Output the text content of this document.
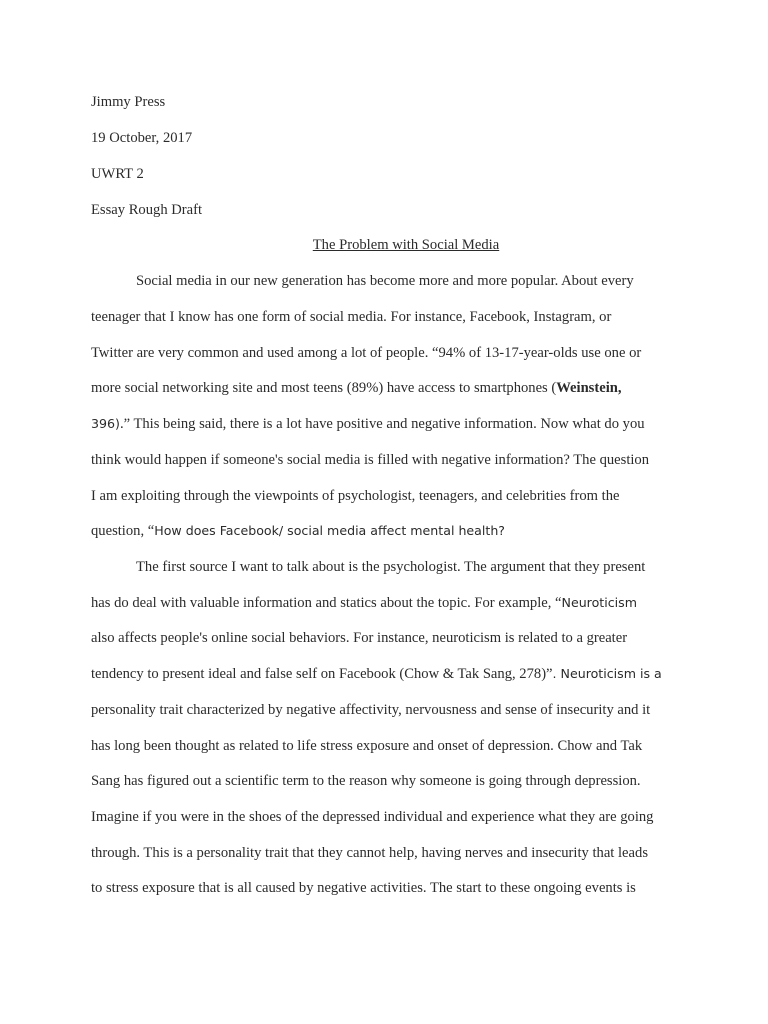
Jimmy Press
19 October, 2017
UWRT 2
Essay Rough Draft
The Problem with Social Media
Social media in our new generation has become more and more popular. About every
teenager that I know has one form of social media. For instance, Facebook, Instagram, or
Twitter are very common and used among a lot of people. “94% of 13-17-year-olds use one or
more social networking site and most teens (89%) have access to smartphones (Weinstein,
396).” This being said, there is a lot have positive and negative information. Now what do you
think would happen if someone's social media is filled with negative information? The question
I am exploiting through the viewpoints of psychologist, teenagers, and celebrities from the
question, “How does Facebook/ social media affect mental health?
The first source I want to talk about is the psychologist. The argument that they present
has do deal with valuable information and statics about the topic. For example, “Neuroticism
also affects people's online social behaviors. For instance, neuroticism is related to a greater
tendency to present ideal and false self on Facebook (Chow & Tak Sang, 278)”. Neuroticism is a
personality trait characterized by negative affectivity, nervousness and sense of insecurity and it
has long been thought as related to life stress exposure and onset of depression. Chow and Tak
Sang has figured out a scientific term to the reason why someone is going through depression.
Imagine if you were in the shoes of the depressed individual and experience what they are going
through. This is a personality trait that they cannot help, having nerves and insecurity that leads
to stress exposure that is all caused by negative activities. The start to these ongoing events is
